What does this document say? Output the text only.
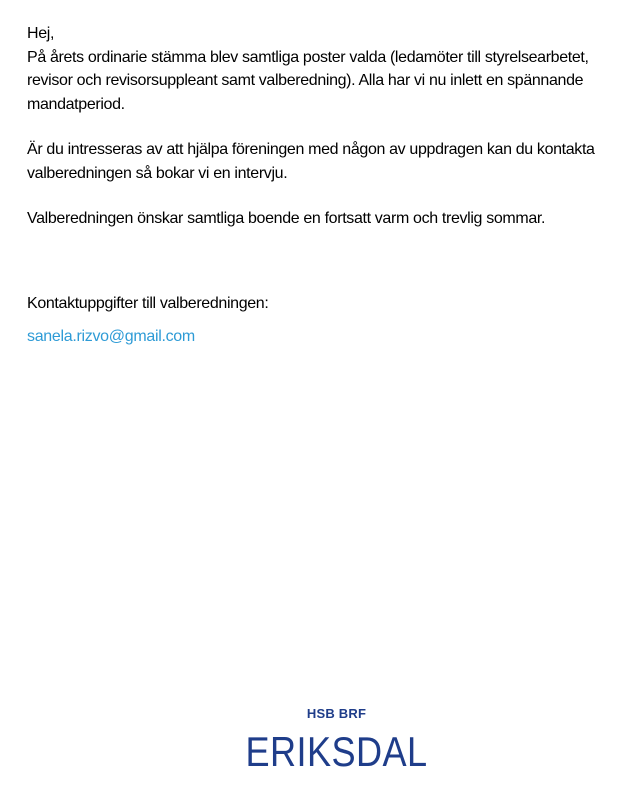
Hej,

På årets ordinarie stämma blev samtliga poster valda (ledamöter till styrelsearbetet, revisor och revisorsuppleant samt valberedning). Alla har vi nu inlett en spännande mandatperiod.

Är du intresseras av att hjälpa föreningen med någon av uppdragen kan du kontakta valberedningen så bokar vi en intervju.

Valberedningen önskar samtliga boende en fortsatt varm och trevlig sommar.

Kontaktuppgifter till valberedningen:
sanela.rizvo@gmail.com
HSB BRF
ERIKSDAL
